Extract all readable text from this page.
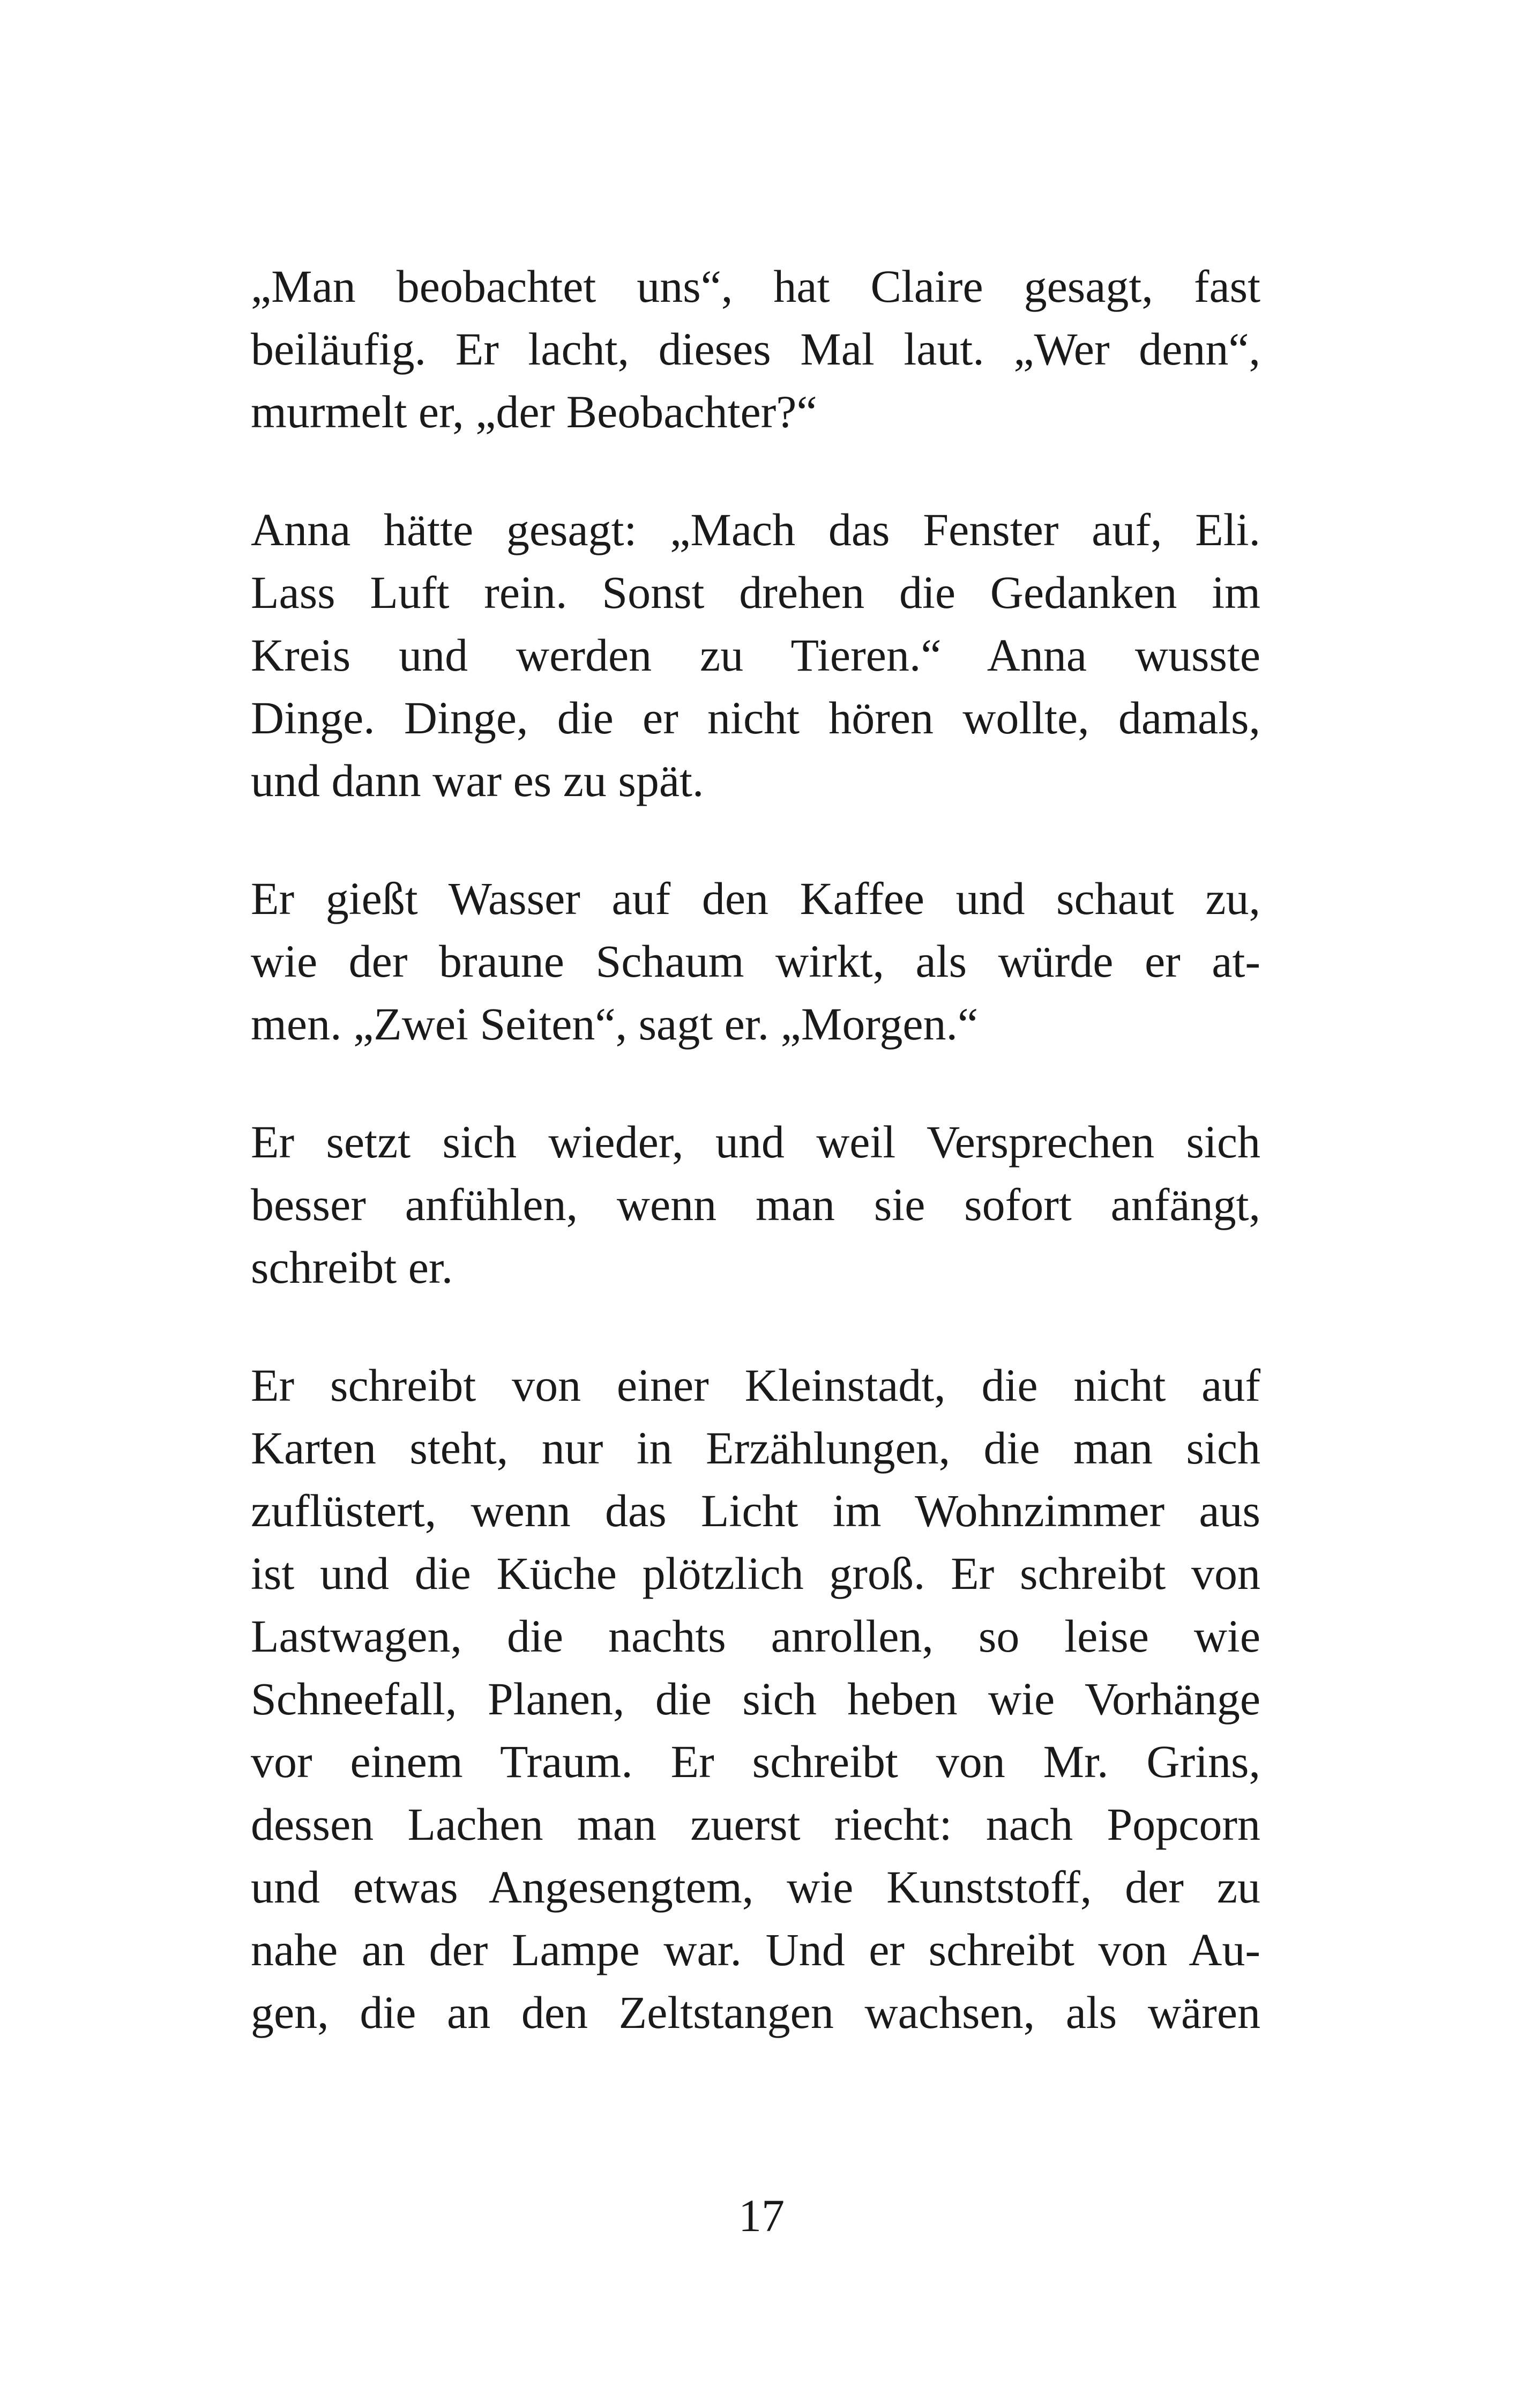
„Man beobachtet uns“, hat Claire gesagt, fast
beiläufig. Er lacht, dieses Mal laut. „Wer denn“,
murmelt er, „der Beobachter?“
Anna hätte gesagt: „Mach das Fenster auf, Eli.
Lass Luft rein. Sonst drehen die Gedanken im
Kreis und werden zu Tieren.“ Anna wusste
Dinge. Dinge, die er nicht hören wollte, damals,
und dann war es zu spät.
Er gießt Wasser auf den Kaffee und schaut zu,
wie der braune Schaum wirkt, als würde er at-
men. „Zwei Seiten“, sagt er. „Morgen.“
Er setzt sich wieder, und weil Versprechen sich
besser anfühlen, wenn man sie sofort anfängt,
schreibt er.
Er schreibt von einer Kleinstadt, die nicht auf
Karten steht, nur in Erzählungen, die man sich
zuflüstert, wenn das Licht im Wohnzimmer aus
ist und die Küche plötzlich groß. Er schreibt von
Lastwagen, die nachts anrollen, so leise wie
Schneefall, Planen, die sich heben wie Vorhänge
vor einem Traum. Er schreibt von Mr. Grins,
dessen Lachen man zuerst riecht: nach Popcorn
und etwas Angesengtem, wie Kunststoff, der zu
nahe an der Lampe war. Und er schreibt von Au-
gen, die an den Zeltstangen wachsen, als wären
17
